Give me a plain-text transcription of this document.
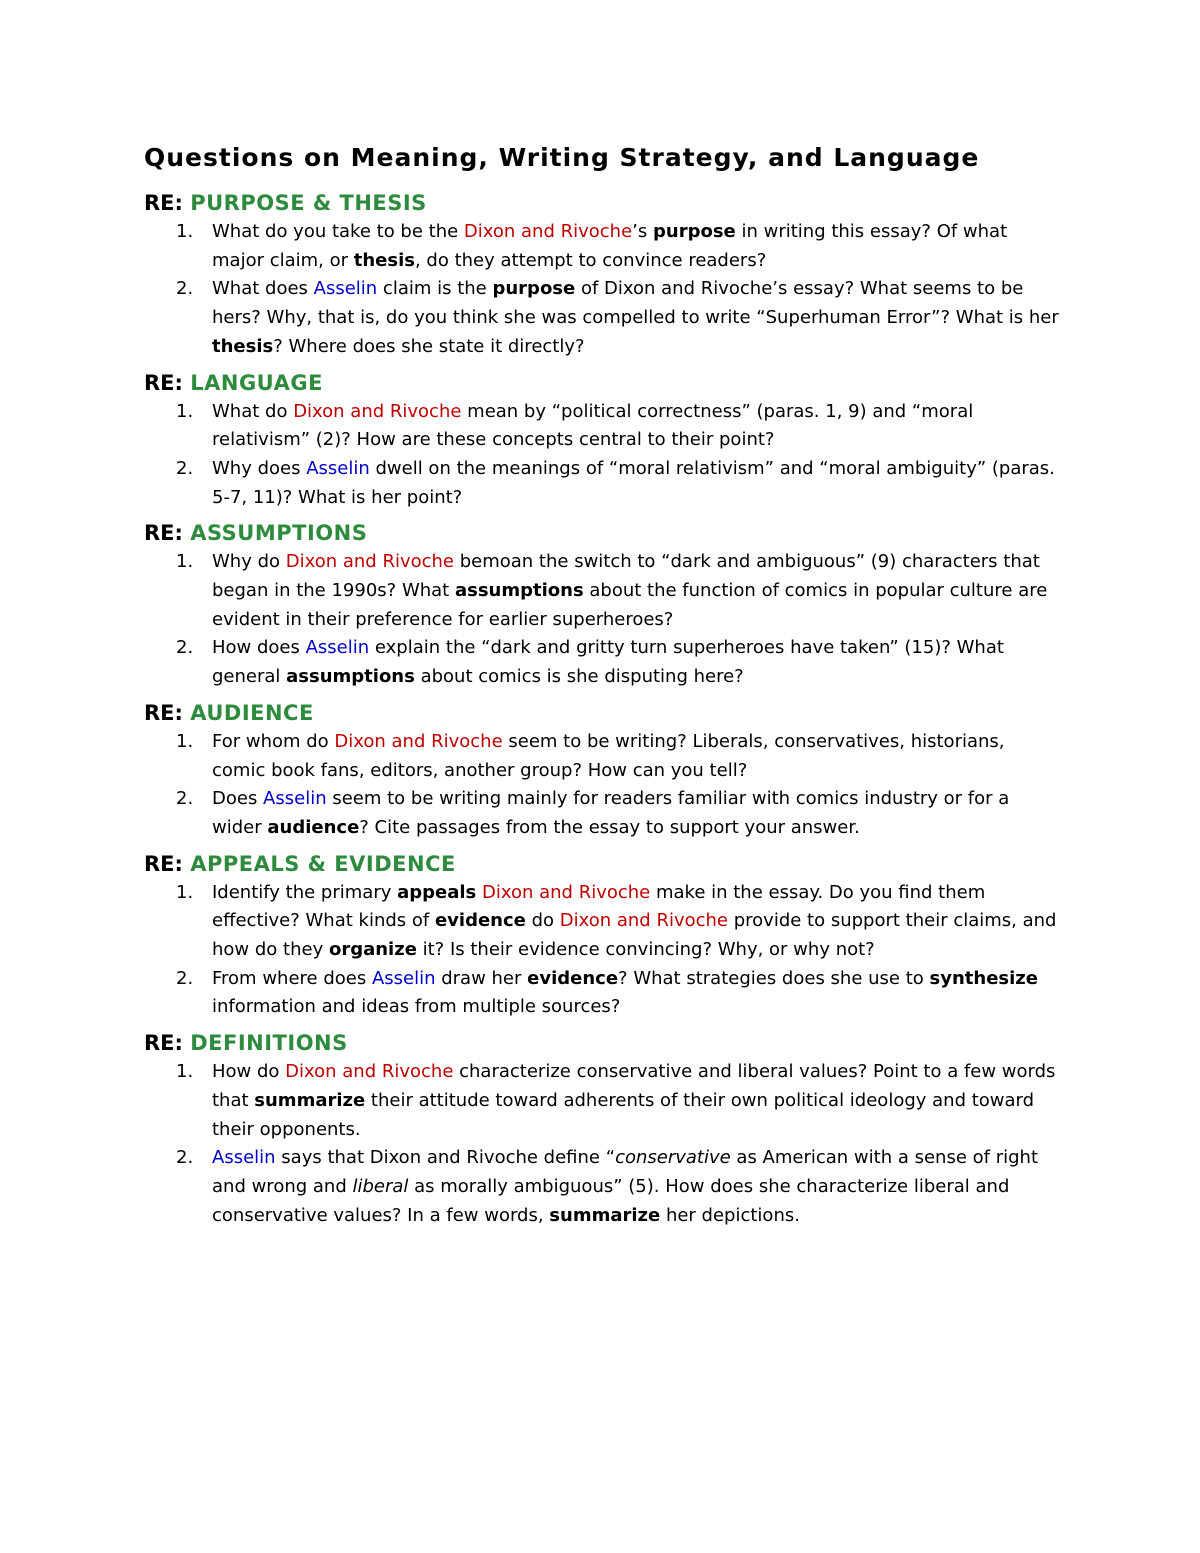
Questions on Meaning, Writing Strategy, and Language
RE: PURPOSE & THESIS
1. What do you take to be the Dixon and Rivoche’s purpose in writing this essay? Of what major claim, or thesis, do they attempt to convince readers?
2. What does Asselin claim is the purpose of Dixon and Rivoche’s essay? What seems to be hers? Why, that is, do you think she was compelled to write “Superhuman Error”? What is her thesis? Where does she state it directly?
RE: LANGUAGE
1. What do Dixon and Rivoche mean by “political correctness” (paras. 1, 9) and “moral relativism” (2)? How are these concepts central to their point?
2. Why does Asselin dwell on the meanings of “moral relativism” and “moral ambiguity” (paras. 5-7, 11)? What is her point?
RE: ASSUMPTIONS
1. Why do Dixon and Rivoche bemoan the switch to “dark and ambiguous” (9) characters that began in the 1990s? What assumptions about the function of comics in popular culture are evident in their preference for earlier superheroes?
2. How does Asselin explain the “dark and gritty turn superheroes have taken” (15)? What general assumptions about comics is she disputing here?
RE: AUDIENCE
1. For whom do Dixon and Rivoche seem to be writing? Liberals, conservatives, historians, comic book fans, editors, another group? How can you tell?
2. Does Asselin seem to be writing mainly for readers familiar with comics industry or for a wider audience? Cite passages from the essay to support your answer.
RE: APPEALS & EVIDENCE
1. Identify the primary appeals Dixon and Rivoche make in the essay. Do you find them effective? What kinds of evidence do Dixon and Rivoche provide to support their claims, and how do they organize it? Is their evidence convincing? Why, or why not?
2. From where does Asselin draw her evidence? What strategies does she use to synthesize information and ideas from multiple sources?
RE: DEFINITIONS
1. How do Dixon and Rivoche characterize conservative and liberal values? Point to a few words that summarize their attitude toward adherents of their own political ideology and toward their opponents.
2. Asselin says that Dixon and Rivoche define “conservative as American with a sense of right and wrong and liberal as morally ambiguous” (5). How does she characterize liberal and conservative values? In a few words, summarize her depictions.
